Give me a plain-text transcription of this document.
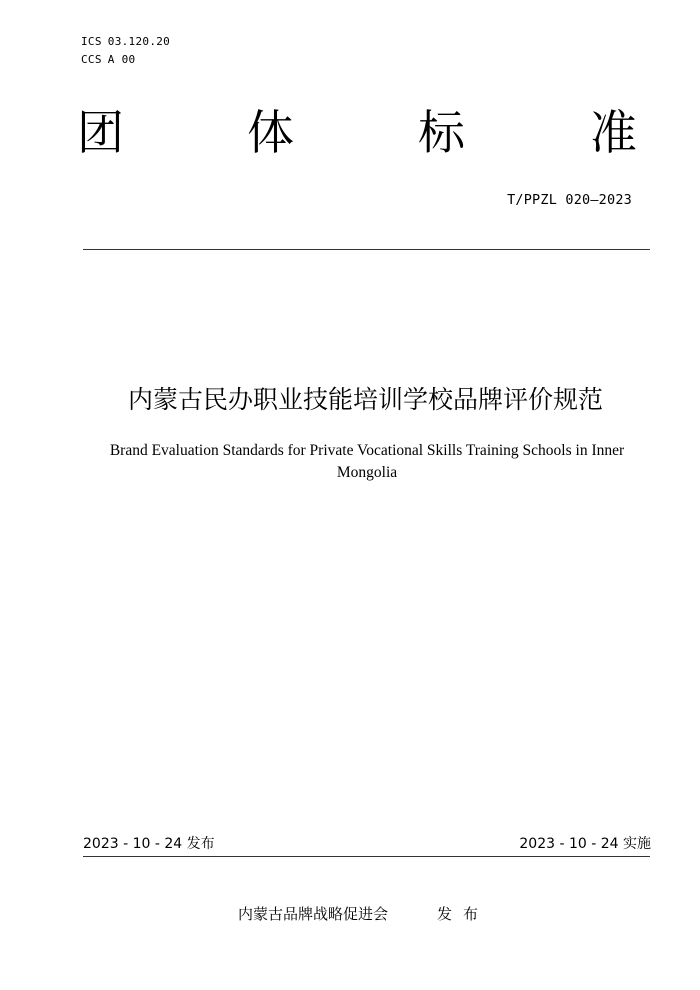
ICS 03.120.20
CCS A 00
团	体	标	准
T/PPZL 020—2023
内蒙古民办职业技能培训学校品牌评价规范
Brand Evaluation Standards for Private Vocational Skills Training Schools in Inner Mongolia
2023 - 10 - 24 发布	2023 - 10 - 24 实施
内蒙古品牌战略促进会	发布
